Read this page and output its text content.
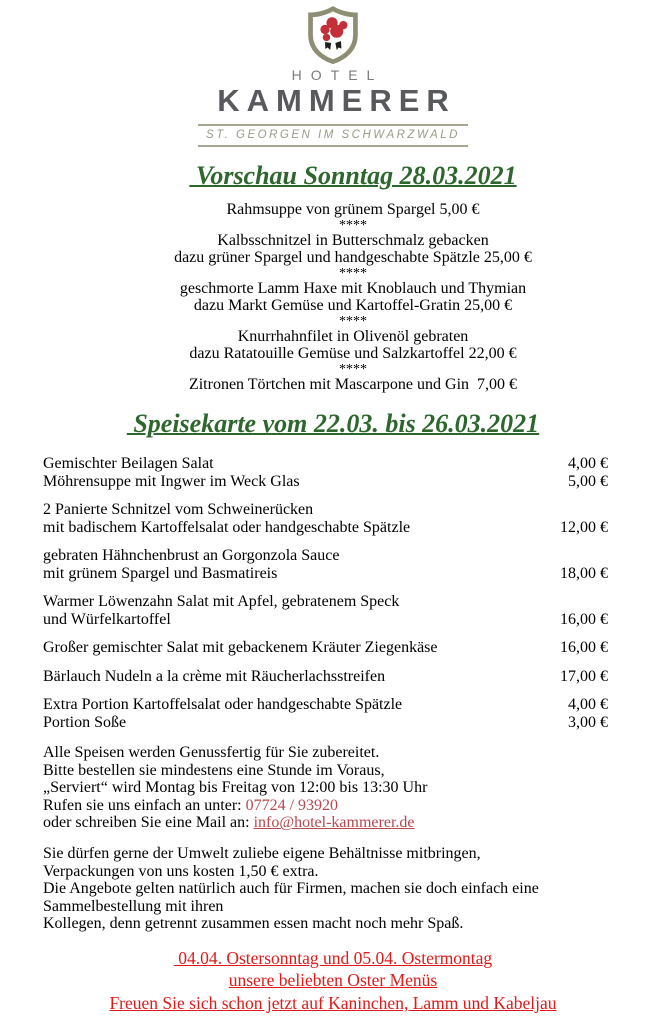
HOTEL
KAMMERER
ST. GEORGEN IM SCHWARZWALD
Vorschau Sonntag 28.03.2021
Rahmsuppe von grünem Spargel 5,00 €
****
Kalbsschnitzel in Butterschmalz gebacken
dazu grüner Spargel und handgeschabte Spätzle 25,00 €
****
geschmorte Lamm Haxe mit Knoblauch und Thymian
dazu Markt Gemüse und Kartoffel-Gratin 25,00 €
****
Knurrhahnfilet in Olivenöl gebraten
dazu Ratatouille Gemüse und Salzkartoffel 22,00 €
****
Zitronen Törtchen mit Mascarpone und Gin  7,00 €
Speisekarte vom 22.03. bis 26.03.2021
Gemischter Beilagen Salat	4,00 €
Möhrensuppe mit Ingwer im Weck Glas	5,00 €
2 Panierte Schnitzel vom Schweinerücken
mit badischem Kartoffelsalat oder handgeschabte Spätzle	12,00 €
gebraten Hähnchenbrust an Gorgonzola Sauce
mit grünem Spargel und Basmatireis	18,00 €
Warmer Löwenzahn Salat mit Apfel, gebratenem Speck
und Würfelkartoffel	16,00 €
Großer gemischter Salat mit gebackenem Kräuter Ziegenkäse	16,00 €
Bärlauch Nudeln a la crème mit Räucherlachsstreifen	17,00 €
Extra Portion Kartoffelsalat oder handgeschabte Spätzle	4,00 €
Portion Soße	3,00 €
Alle Speisen werden Genussfertig für Sie zubereitet.
Bitte bestellen sie mindestens eine Stunde im Voraus,
„Serviert“ wird Montag bis Freitag von 12:00 bis 13:30 Uhr
Rufen sie uns einfach an unter: 07724 / 93920
oder schreiben Sie eine Mail an: info@hotel-kammerer.de
Sie dürfen gerne der Umwelt zuliebe eigene Behältnisse mitbringen,
Verpackungen von uns kosten 1,50 € extra.
Die Angebote gelten natürlich auch für Firmen, machen sie doch einfach eine Sammelbestellung mit ihren
Kollegen, denn getrennt zusammen essen macht noch mehr Spaß.
04.04. Ostersonntag und 05.04. Ostermontag
unsere beliebten Oster Menüs
Freuen Sie sich schon jetzt auf Kaninchen, Lamm und Kabeljau
